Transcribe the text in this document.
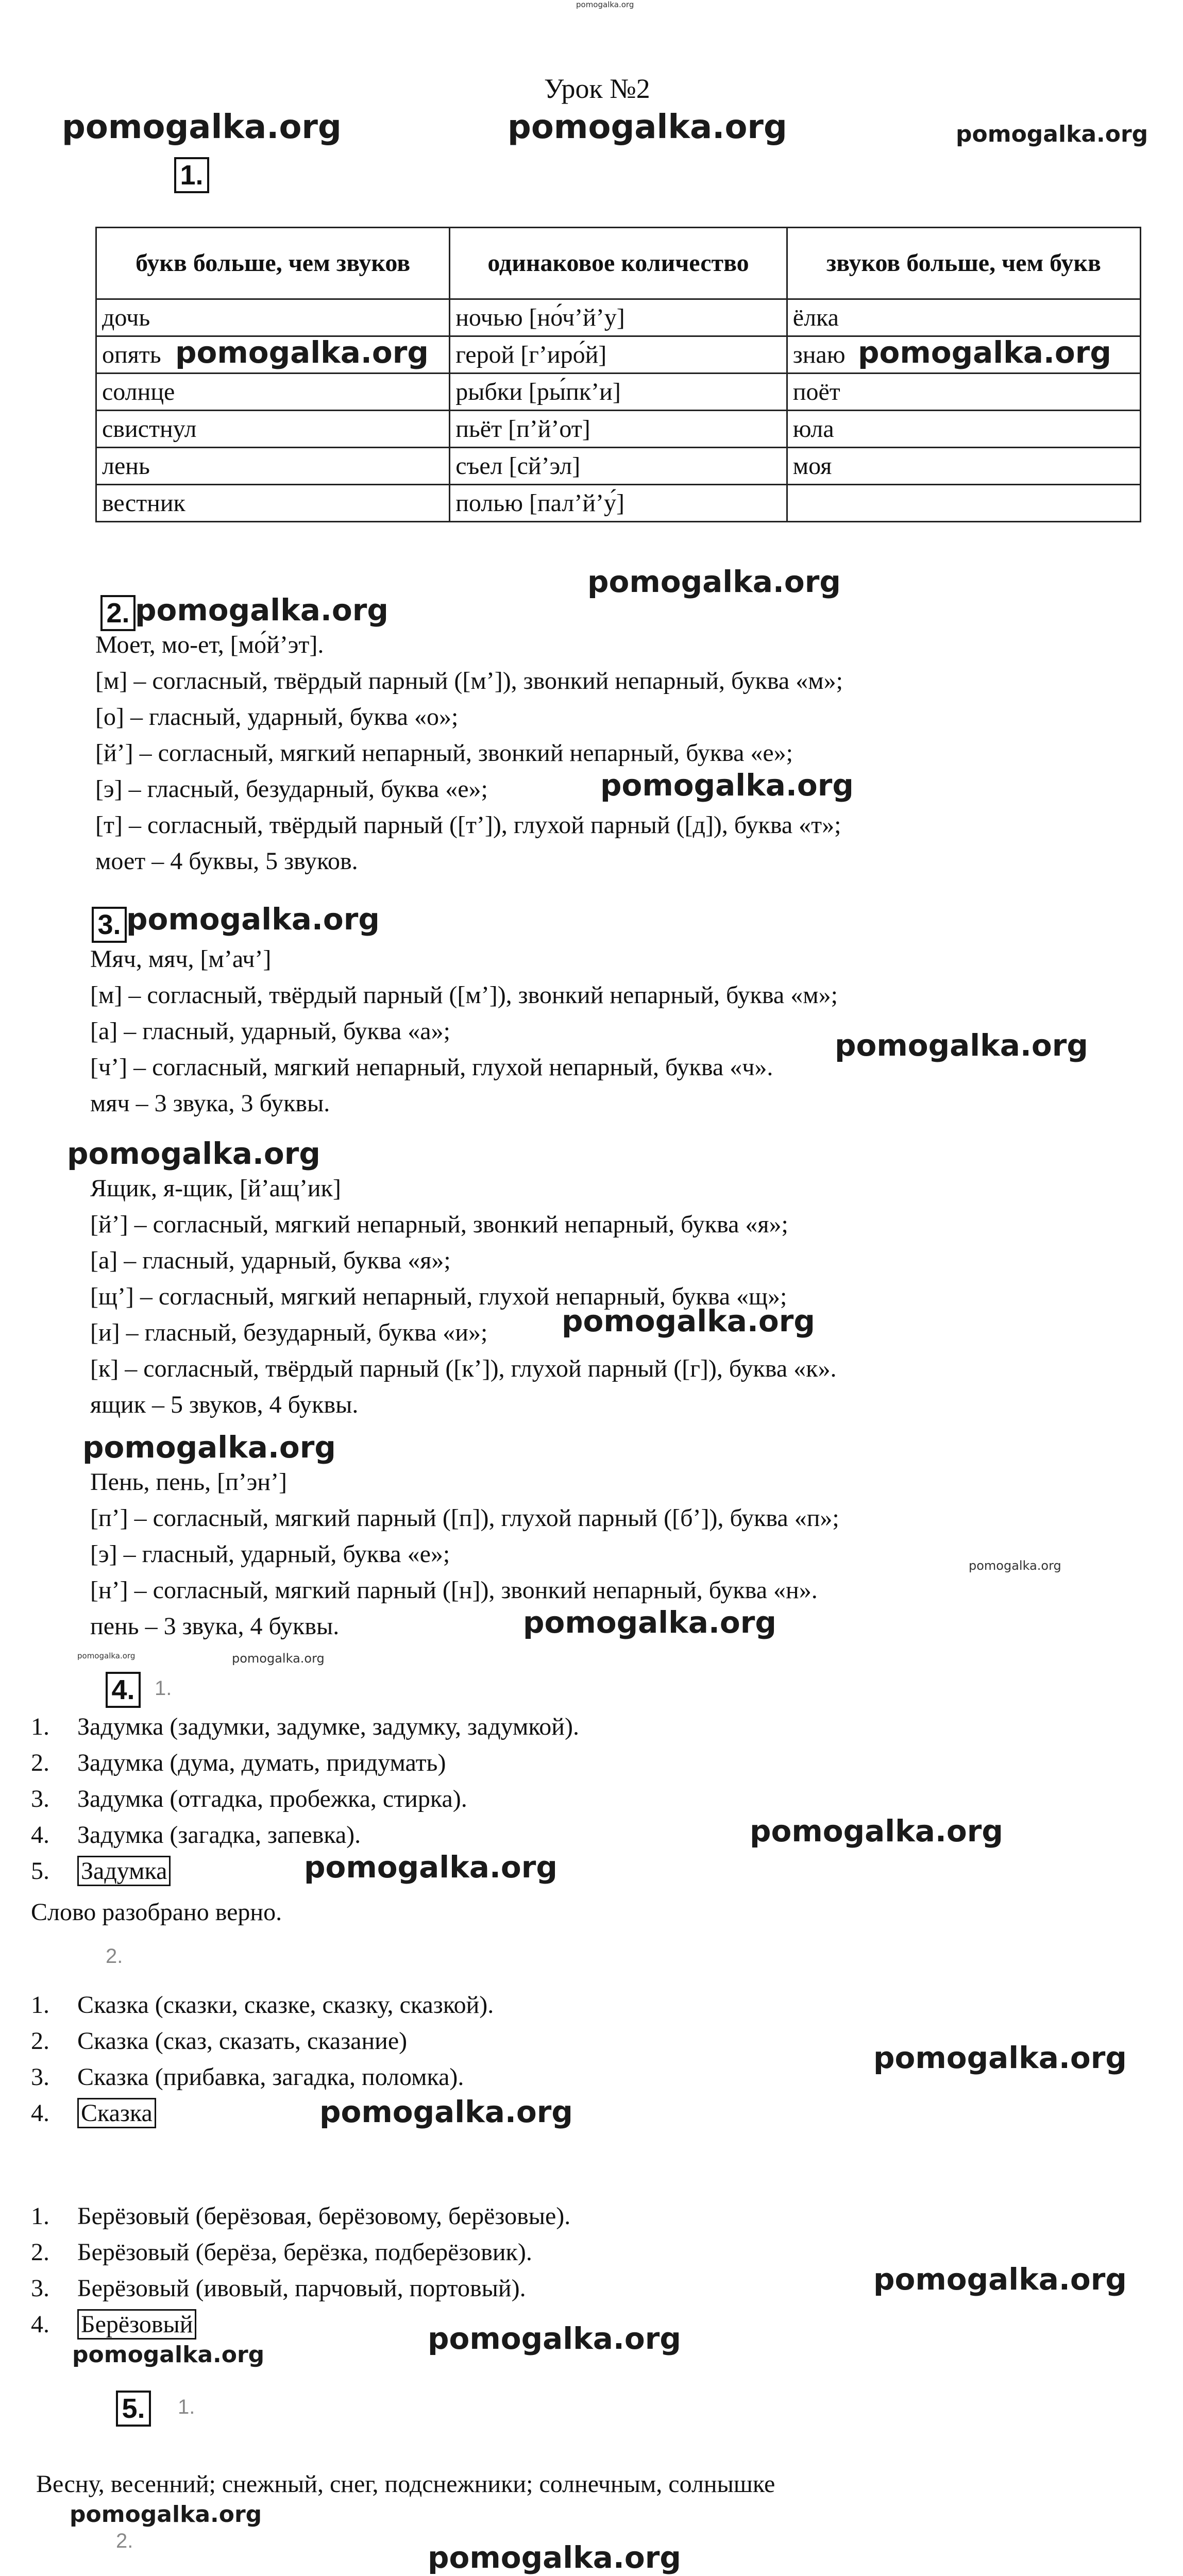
pomogalka.org
Урок №2
pomogalka.org	pomogalka.org	pomogalka.org
1.
букв больше, чем звуков	одинаковое количество	звуков больше, чем букв
дочь	ночью [но́ч’й’у]	ёлка
опять	герой [г’иро́й]	знаю
солнце	рыбки [ры́пк’и]	поёт
свистнул	пьёт [п’й’от]	юла
лень	съел [сй’эл]	моя
вестник	полью [пал’й’у́]	
pomogalka.org	pomogalka.org
pomogalka.org
2. pomogalka.org
Моет, мо-ет, [мо́й’эт].
[м] – согласный, твёрдый парный ([м’]), звонкий непарный, буква «м»;
[о] – гласный, ударный, буква «о»;
[й’] – согласный, мягкий непарный, звонкий непарный, буква «е»;
[э] – гласный, безударный, буква «е»;
[т] – согласный, твёрдый парный ([т’]), глухой парный ([д]), буква «т»;
моет – 4 буквы, 5 звуков.
pomogalka.org
3. pomogalka.org
Мяч, мяч, [м’ач’]
[м] – согласный, твёрдый парный ([м’]), звонкий непарный, буква «м»;
[а] – гласный, ударный, буква «а»;
[ч’] – согласный, мягкий непарный, глухой непарный, буква «ч».
мяч – 3 звука, 3 буквы.
pomogalka.org
pomogalka.org
Ящик, я-щик, [й’ащ’ик]
[й’] – согласный, мягкий непарный, звонкий непарный, буква «я»;
[а] – гласный, ударный, буква «я»;
[щ’] – согласный, мягкий непарный, глухой непарный, буква «щ»;
[и] – гласный, безударный, буква «и»;
[к] – согласный, твёрдый парный ([к’]), глухой парный ([г]), буква «к».
ящик – 5 звуков, 4 буквы.
pomogalka.org
pomogalka.org
Пень, пень, [п’эн’]
[п’] – согласный, мягкий парный ([п]), глухой парный ([б’]), буква «п»;
[э] – гласный, ударный, буква «е»;
[н’] – согласный, мягкий парный ([н]), звонкий непарный, буква «н».
пень – 3 звука, 4 буквы.	pomogalka.org
pomogalka.org
pomogalka.org	pomogalka.org
4. 1.
1. Задумка (задумки, задумке, задумку, задумкой).
2. Задумка (дума, думать, придумать)
3. Задумка (отгадка, пробежка, стирка).
4. Задумка (загадка, запевка).
5. Задумка	pomogalka.org
pomogalka.org
Слово разобрано верно.
2.
1. Сказка (сказки, сказке, сказку, сказкой).
2. Сказка (сказ, сказать, сказание)
3. Сказка (прибавка, загадка, поломка).
4. Сказка	pomogalka.org
pomogalka.org
1. Берёзовый (берёзовая, берёзовому, берёзовые).
2. Берёзовый (берёза, берёзка, подберёзовик).
3. Берёзовый (ивовый, парчовый, портовый).
4. Берёзовый
pomogalka.org	pomogalka.org
pomogalka.org
5. 1.
Весну, весенний; снежный, снег, подснежники; солнечным, солнышке
pomogalka.org
2.	pomogalka.org
